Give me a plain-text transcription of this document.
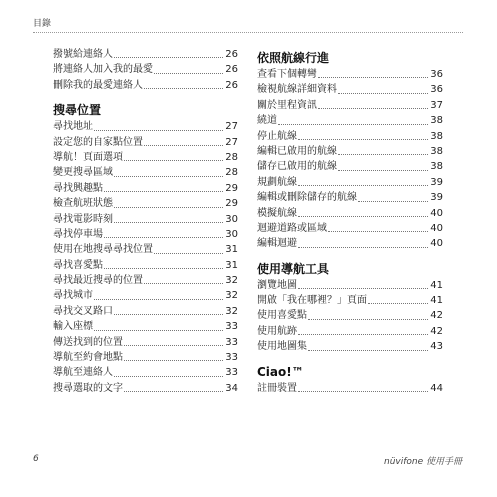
目錄
撥號給連絡人	26
將連絡人加入我的最愛	26
刪除我的最愛連絡人	26
搜尋位置
尋找地址	27
設定您的自家點位置	27
導航！頁面選項	28
變更搜尋區域	28
尋找興趣點	29
檢查航班狀態	29
尋找電影時刻	30
尋找停車場	30
使用在地搜尋尋找位置	31
尋找喜愛點	31
尋找最近搜尋的位置	32
尋找城市	32
尋找交叉路口	32
輸入座標	33
傳送找到的位置	33
導航至約會地點	33
導航至連絡人	33
搜尋選取的文字	34
依照航線行進
查看下個轉彎	36
檢視航線詳細資料	36
關於里程資訊	37
繞道	38
停止航線	38
編輯已啟用的航線	38
儲存已啟用的航線	38
規劃航線	39
編輯或刪除儲存的航線	39
模擬航線	40
迴避道路或區域	40
編輯迴避	40
使用導航工具
瀏覽地圖	41
開啟「我在哪裡？」頁面	41
使用喜愛點	42
使用航跡	42
使用地圖集	43
Ciao!™
註冊裝置	44
6	nüvifone 使用手冊
